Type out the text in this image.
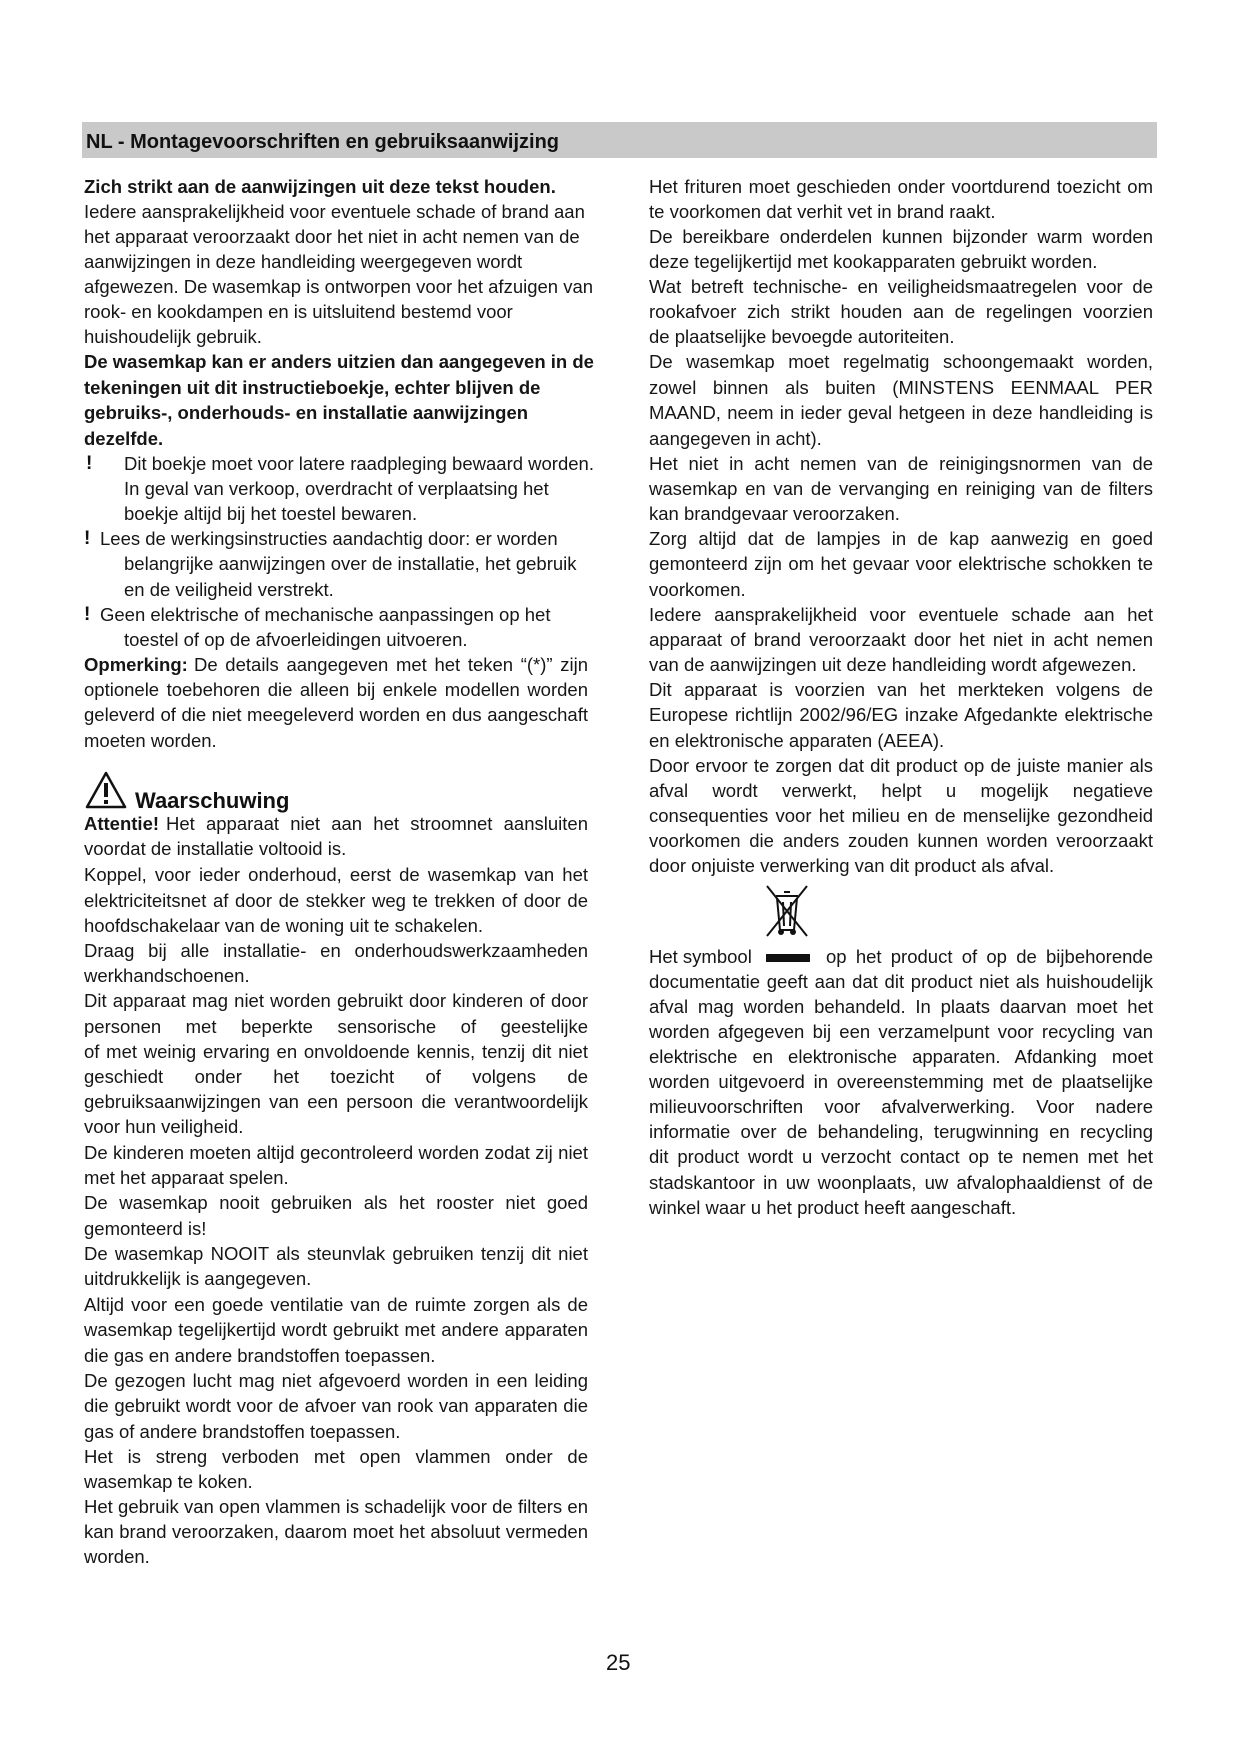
NL - Montagevoorschriften en gebruiksaanwijzing
Zich strikt aan de aanwijzingen uit deze tekst houden.
Iedere aansprakelijkheid voor eventuele schade of brand aan
het apparaat veroorzaakt door het niet in acht nemen van de
aanwijzingen in deze handleiding weergegeven wordt
afgewezen. De wasemkap is ontworpen voor het afzuigen van
rook- en kookdampen en is uitsluitend bestemd voor
huishoudelijk gebruik.
De wasemkap kan er anders uitzien dan aangegeven in de
tekeningen uit dit instructieboekje, echter blijven de
gebruiks-, onderhouds- en installatie aanwijzingen
dezelfde.
! Dit boekje moet voor latere raadpleging bewaard worden.
In geval van verkoop, overdracht of verplaatsing het
boekje altijd bij het toestel bewaren.
! Lees de werkingsinstructies aandachtig door: er worden
belangrijke aanwijzingen over de installatie, het gebruik
en de veiligheid verstrekt.
! Geen elektrische of mechanische aanpassingen op het
toestel of op de afvoerleidingen uitvoeren.
Opmerking: De details aangegeven met het teken “(*)” zijn
optionele toebehoren die alleen bij enkele modellen worden
geleverd of die niet meegeleverd worden en dus aangeschaft
moeten worden.
Attentie! Het apparaat niet aan het stroomnet aansluiten
voordat de installatie voltooid is.
Koppel, voor ieder onderhoud, eerst de wasemkap van het
elektriciteitsnet af door de stekker weg te trekken of door de
hoofdschakelaar van de woning uit te schakelen.
Draag bij alle installatie- en onderhoudswerkzaamheden
werkhandschoenen.
Dit apparaat mag niet worden gebruikt door kinderen of door
personen met beperkte sensorische of geestelijke
of met weinig ervaring en onvoldoende kennis, tenzij dit niet
geschiedt onder het toezicht of volgens de
gebruiksaanwijzingen van een persoon die verantwoordelijk
voor hun veiligheid.
De kinderen moeten altijd gecontroleerd worden zodat zij niet
met het apparaat spelen.
De wasemkap nooit gebruiken als het rooster niet goed
gemonteerd is!
De wasemkap NOOIT als steunvlak gebruiken tenzij dit niet
uitdrukkelijk is aangegeven.
Altijd voor een goede ventilatie van de ruimte zorgen als de
wasemkap tegelijkertijd wordt gebruikt met andere apparaten
die gas en andere brandstoffen toepassen.
De gezogen lucht mag niet afgevoerd worden in een leiding
die gebruikt wordt voor de afvoer van rook van apparaten die
gas of andere brandstoffen toepassen.
Het is streng verboden met open vlammen onder de
wasemkap te koken.
Het gebruik van open vlammen is schadelijk voor de filters en
kan brand veroorzaken, daarom moet het absoluut vermeden
worden.
Het frituren moet geschieden onder voortdurend toezicht om
te voorkomen dat verhit vet in brand raakt.
De bereikbare onderdelen kunnen bijzonder warm worden
deze tegelijkertijd met kookapparaten gebruikt worden.
Wat betreft technische- en veiligheidsmaatregelen voor de
rookafvoer zich strikt houden aan de regelingen voorzien
de plaatselijke bevoegde autoriteiten.
De wasemkap moet regelmatig schoongemaakt worden,
zowel binnen als buiten (MINSTENS EENMAAL PER
MAAND, neem in ieder geval hetgeen in deze handleiding is
aangegeven in acht).
Het niet in acht nemen van de reinigingsnormen van de
wasemkap en van de vervanging en reiniging van de filters
kan brandgevaar veroorzaken.
Zorg altijd dat de lampjes in de kap aanwezig en goed
gemonteerd zijn om het gevaar voor elektrische schokken te
voorkomen.
Iedere aansprakelijkheid voor eventuele schade aan het
apparaat of brand veroorzaakt door het niet in acht nemen
van de aanwijzingen uit deze handleiding wordt afgewezen.
Dit apparaat is voorzien van het merkteken volgens de
Europese richtlijn 2002/96/EG inzake Afgedankte elektrische
en elektronische apparaten (AEEA).
Door ervoor te zorgen dat dit product op de juiste manier als
afval wordt verwerkt, helpt u mogelijk negatieve
consequenties voor het milieu en de menselijke gezondheid
voorkomen die anders zouden kunnen worden veroorzaakt
door onjuiste verwerking van dit product als afval.
Het symbool	op het product of op de bijbehorende
documentatie geeft aan dat dit product niet als huishoudelijk
afval mag worden behandeld. In plaats daarvan moet het
worden afgegeven bij een verzamelpunt voor recycling van
elektrische en elektronische apparaten. Afdanking moet
worden uitgevoerd in overeenstemming met de plaatselijke
milieuvoorschriften voor afvalverwerking. Voor nadere
informatie over de behandeling, terugwinning en recycling
dit product wordt u verzocht contact op te nemen met het
stadskantoor in uw woonplaats, uw afvalophaaldienst of de
winkel waar u het product heeft aangeschaft.
Waarschuwing
25
